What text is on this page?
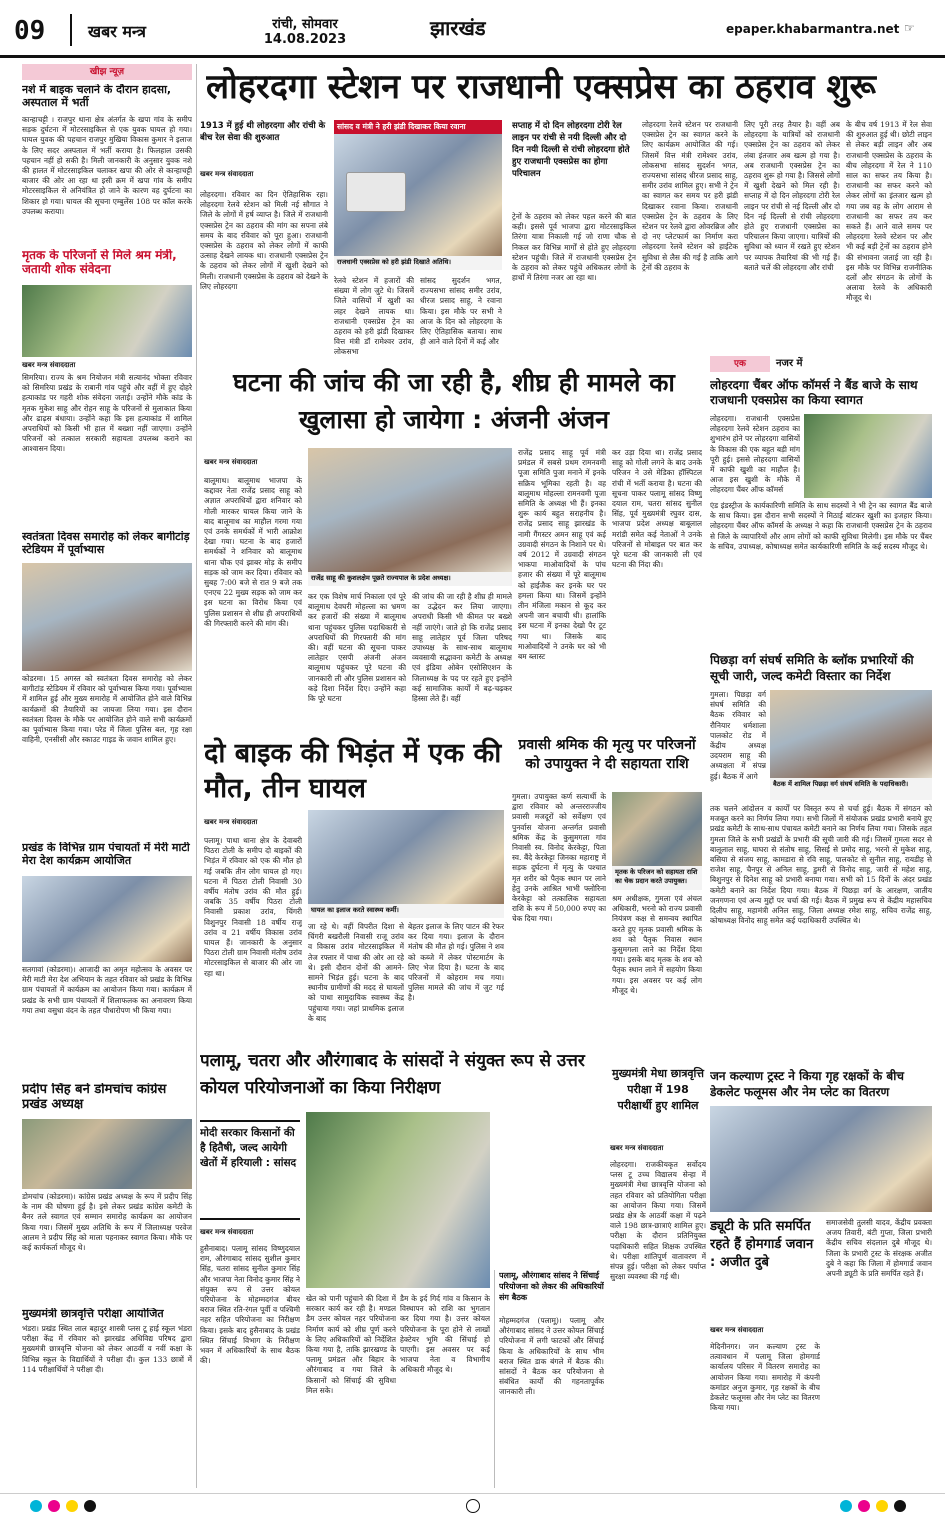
09	खबर मन्त्र	रांची, सोमवार
14.08.2023	झारखंड	epaper.khabarmantra.net ☞
खीझ न्यूज़
नशे में बाइक चलाने के दौरान हादसा, अस्पताल में भर्ती
कान्हाचट्टी । राजपुर थाना क्षेत्र अंतर्गत के खपा गांव के समीप सड़क दुर्घटना में मोटरसाइकिल से एक युवक घायल हो गया। घायल युवक की पहचान राजपुर मुखिया विकास कुमार ने इलाज के लिए सदर अस्पताल में भर्ती कराया है। फिलहाल उसकी पहचान नहीं हो सकी है। मिली जानकारी के अनुसार युवक नशे की हालत में मोटरसाइकिल चलाकर खपा की ओर से कान्हाचट्टी बाजार की ओर आ रहा था इसी क्रम में खपा गांव के समीप मोटरसाइकिल से अनियंत्रित हो जाने के कारण वह दुर्घटना का शिकार हो गया। घायल की सूचना एम्बुलेंस 108 पर कॉल करके उपलब्ध कराया।
मृतक के परिजनों से मिले श्रम मंत्री, जतायी शोक संवेदना
खबर मन्त्र संवाददाता
सिमरिया। राज्य के श्रम नियोजन मंत्री सत्यानंद भोक्ता रविवार को सिमरिया प्रखंड के राबानी गांव पहुंचे और वहीं में हुए दोहरे हत्याकांड पर गहरी शोक संवेदना जताई। उन्होंने मौके कांड के मृतक मुकेश साहू और रोहन साहू के परिजनों से मुलाकात किया और ढाढ़स बंधाया। उन्होंने कहा कि इस हत्याकांड में शामिल अपराधियों को किसी भी हाल में बख्शा नहीं जाएगा। उन्होंने परिजनों को तत्काल सरकारी सहायता उपलब्ध कराने का आश्वासन दिया।
स्वतंत्रता दिवस समारोह को लेकर बागीटांड़ स्टेडियम में पूर्वाभ्यास
कोडरमा। 15 अगस्त को स्वतंत्रता दिवस समारोह को लेकर बागीटांड़ स्टेडियम में रविवार को पूर्वाभ्यास किया गया। पूर्वाभ्यास में शामिल हुई और मुख्य समारोह में आयोजित होने वाले विभिन्न कार्यक्रमों की तैयारियों का जायजा लिया गया। इस दौरान स्वतंत्रता दिवस के मौके पर आयोजित होने वाले सभी कार्यक्रमों का पूर्वाभ्यास किया गया। परेड में जिला पुलिस बल, गृह रक्षा वाहिनी, एनसीसी और स्काउट गाइड के जवान शामिल हुए।
प्रखंड के विभिन्न ग्राम पंचायतों में मेरी माटी मेरा देश कार्यक्रम आयोजित
सतगावां (कोडरमा)। आजादी का अमृत महोत्सव के अवसर पर मेरी माटी मेरा देश अभियान के तहत रविवार को प्रखंड के विभिन्न ग्राम पंचायतों में कार्यक्रम का आयोजन किया गया। कार्यक्रम में प्रखंड के सभी ग्राम पंचायतों में शिलाफलक का अनावरण किया गया तथा वसुधा वंदन के तहत पौधारोपण भी किया गया।
प्रदीप सिंह बने डोमचांच कांग्रेस प्रखंड अध्यक्ष
डोमचांच (कोडरमा)। कांग्रेस प्रखंड अध्यक्ष के रूप में प्रदीप सिंह के नाम की घोषणा हुई है। इसे लेकर प्रखंड कांग्रेस कमेटी के बैनर तले स्वागत एवं सम्मान समारोह कार्यक्रम का आयोजन किया गया। जिसमें मुख्य अतिथि के रूप में जिलाध्यक्ष परवेज आलम ने प्रदीप सिंह को माला पहनाकर स्वागत किया। मौके पर कई कार्यकर्ता मौजूद थे।
मुख्यमंत्री छात्रवृत्ति परीक्षा आयोजित
भंडरा। प्रखंड स्थित लाल बहादुर शास्त्री प्लस टू हाई स्कूल भंडरा परीक्षा केंद्र में रविवार को झारखंड अधिविद्य परिषद द्वारा मुख्यमंत्री छात्रवृत्ति योजना को लेकर आठवीं व नवीं कक्षा के विभिन्न स्कूल के विद्यार्थियों ने परीक्षा दी। कुल 133 छात्रों में 114 परीक्षार्थियों ने परीक्षा दी।
लोहरदगा स्टेशन पर राजधानी एक्सप्रेस का ठहराव शुरू
1913 में हुई थी लोहरदगा और रांची के बीच रेल सेवा की शुरुआत
खबर मन्त्र संवाददाता
लोहरदगा। रविवार का दिन ऐतिहासिक रहा। लोहरदगा रेलवे स्टेशन को मिली नई सौगात ने जिले के लोगों में हर्ष व्याप्त है। जिले में राजधानी एक्सप्रेस ट्रेन का ठहराव की मांग का सपना लंबे समय के बाद रविवार को पूरा हुआ। राजधानी एक्सप्रेस के ठहराव को लेकर लोगों में काफी उत्साह देखने लायक था। राजधानी एक्सप्रेस ट्रेन के ठहराव को लेकर लोगों में खुशी देखने को मिली। राजधानी एक्सप्रेस के ठहराव को देखने के लिए लोहरदगा
सांसद व मंत्री ने हरी झंडी दिखाकर किया रवाना
राजधानी एक्सप्रेस को हरी झंडी दिखाते अतिथि।
रेलवे स्टेशन में हजारों की संख्या में लोग जुटे थे। जिसमें जिले वासियों में खुशी का लहर देखने लायक था। राजधानी एक्सप्रेस ट्रेन का ठहराव को हरी झंडी दिखाकर वित्त मंत्री डॉ रामेश्वर उरांव, लोकसभा
सांसद सुदर्शन भगत, राज्यसभा सांसद समीर उरांव, धीरज प्रसाद साहू, ने रवाना किया। इस मौके पर सभी ने आज के दिन को लोहरदगा के लिए ऐतिहासिक बताया। साथ ही आने वाले दिनों में कई और
सप्ताह में दो दिन लोहरदगा टोरी रेल लाइन पर रांची से नयी दिल्ली और दो दिन नयी दिल्ली से रांची लोहरदगा होते हुए राजधानी एक्सप्रेस का होगा परिचालन
ट्रेनों के ठहराव को लेकर पहल करने की बात कही। इससे पूर्व भाजपा द्वारा मोटरसाइकिल तिरंगा यात्रा निकाली गई जो राणा चौक से निकल कर विभिन्न मार्गों से होते हुए लोहरदगा स्टेशन पहुंची। जिले में राजधानी एक्सप्रेस ट्रेन के ठहराव को लेकर पहुंचे अधिकतर लोगों के हाथों में तिरंगा नजर आ रहा था।
लोहरदगा रेलवे स्टेशन पर राजधानी एक्सप्रेस ट्रेन का स्वागत करने के लिए कार्यक्रम आयोजित की गई। जिसमें वित्त मंत्री रामेश्वर उरांव, लोकसभा सांसद सुदर्शन भगत, राज्यसभा सांसद धीरज प्रसाद साहू, समीर उरांव शामिल हुए। सभी ने ट्रेन का स्वागत कर समय पर हरी झंडी दिखाकर रवाना किया। राजधानी एक्सप्रेस ट्रेन के ठहराव के लिए स्टेशन पर रेलवे द्वारा ओवरब्रिज और दो नए प्लेटफार्म का निर्माण करा लोहरदगा रेलवे स्टेशन को हाईटेक सुविधा से लैस की गई है ताकि आगे ट्रेनों की ठहराव के
लिए पूरी तरह तैयार है। वहीं अब लोहरदगा के यात्रियों को राजधानी एक्सप्रेस ट्रेन का ठहराव को लेकर लंबा इंतजार अब खत्म हो गया है। अब राजधानी एक्सप्रेस ट्रेन का ठहराव शुरू हो गया है। जिससे लोगों में खुशी देखने को मिल रही है। सप्ताह में दो दिन लोहरदगा टोरी रेल लाइन पर रांची से नई दिल्ली और दो दिन नई दिल्ली से रांची लोहरदगा होते हुए राजधानी एक्सप्रेस का परिचालन किया जाएगा। यात्रियों की सुविधा को ध्यान में रखते हुए स्टेशन पर व्यापक तैयारियां की भी गई हैं। बताते चलें की लोहरदगा और रांची
के बीच वर्ष 1913 में रेल सेवा की शुरुआत हुई थी। छोटी लाइन से लेकर बड़ी लाइन और अब राजधानी एक्सप्रेस के ठहराव के बीच लोहरदगा में रेल ने 110 साल का सफर तय किया है। राजधानी का सफर करने को लेकर लोगों का इंतजार खत्म हो गया जब वह के लोग आराम से राजधानी का सफर तय कर सकते हैं। आने वाले समय पर लोहरदगा रेलवे स्टेशन पर और भी कई बड़ी ट्रेनों का ठहराव होने की संभावना जताई जा रही है। इस मौके पर विभिन्न राजनीतिक दलों और संगठन के लोगों के अलावा रेलवे के अधिकारी मौजूद थे।
घटना की जांच की जा रही है, शीघ्र ही मामले का खुलासा हो जायेगा : अंजनी अंजन
खबर मन्त्र संवाददाता
बालूमाथ। बालूमाथ भाजपा के कद्दावर नेता राजेंद्र प्रसाद साहू को अज्ञात अपराधियों द्वारा शनिवार को गोली मारकर घायल किया जाने के बाद बालूमाथ का माहौल गरमा गया एवं उनके समर्थकों में भारी आक्रोश देखा गया। घटना के बाद हजारों समर्थकों ने शनिवार को बालूमाथ थाना चौक एवं झाबर मोड़ के समीप सड़क को जाम कर दिया। रविवार को सुबह 7:00 बजे से रात 9 बजे तक एनएच 22 मुख्य सड़क को जाम कर इस घटना का विरोध किया एवं पुलिस प्रशासन से शीघ्र ही अपराधियों की गिरफ्तारी करने की मांग की।
राजेंद्र साहू की कुशलक्षेम पूछते राज्यपाल के प्रदेश अध्यक्ष।
कर एक विशेष मार्च निकाला एवं पूरे बालूमाथ देवघरी मोहल्ला का भ्रमण कर हजारों की संख्या में बालूमाथ थाना पहुंचकर पुलिस पदाधिकारी से अपराधियों की गिरफ्तारी की मांग की। वहीं घटना की सूचना पाकर लातेहार एसपी अंजनी अंजन बालूमाथ पहुंचकर पूरे घटना की जानकारी ली और पुलिस प्रशासन को कड़े दिशा निर्देश दिए। उन्होंने कहा कि पूरे घटना
की जांच की जा रही है शीघ्र ही मामले का उद्भेदन कर लिया जाएगा। अपराधी किसी भी कीमत पर बख्शे नहीं जाएंगे। जाते हो कि राजेंद्र प्रसाद साहू लातेहार पूर्व जिला परिषद उपाध्यक्ष के साथ-साथ बालूमाथ व्यवसायी सद्भावना कमेटी के अध्यक्ष एवं इंडिया ओबेन एसोसिएशन के जिलाध्यक्ष के पद पर रहते हुए इन्होंने कई सामाजिक कार्यों में बढ़-चढ़कर हिस्सा लेते हैं। वहीं
राजेंद्र प्रसाद साहू पूर्व मंत्री प्रमंडल में सबसे प्रथम रामनवमी पूजा समिति पुजा मनाने में इनके सक्रिय भूमिका रहती है। वह बालूमाथ मोहल्ला रामनवमी पूजा समिति के अध्यक्ष भी हैं। इनका शुरू कार्य बहुत सराहनीय है। राजेंद्र प्रसाद साहू झारखंड के नामी गैंगस्टर अमन साहू एवं कई उग्रवादी संगठन के निशाने पर थे। वर्ष 2012 में उग्रवादी संगठन भाकपा माओवादियों के पांच हजार की संख्या में पूरे बालूमाथ को हाईजैक कर इनके घर पर हमला किया था। जिसमें इन्होंने तीन मंजिला मकान से कूद कर अपनी जान बचायी थी। हालांकि इस घटना में इनका देखो पैर टूट गया था। जिसके बाद माओवादियों ने उनके घर को भी बम ब्लास्ट
कर उड़ा दिया था। राजेंद्र प्रसाद साहू को गोली लगने के बाद उनके परिजन ने उसे मेडिका हॉस्पिटल रांची में भर्ती कराया है। घटना की सूचना पाकर पलामू सांसद विष्णु दयाल राम, चतरा सांसद सुनील सिंह, पूर्व मुख्यमंत्री रघुवर दास, भाजपा प्रदेश अध्यक्ष बाबूलाल मरांडी समेत कई नेताओं ने उनके परिजनों से मोबाइल पर बात कर पूरे घटना की जानकारी ली एवं घटना की निंदा की।
एक	नजर में
लोहरदगा चैंबर ऑफ कॉमर्स ने बैंड बाजे के साथ राजधानी एक्सप्रेस का किया स्वागत
लोहरदगा। राजधानी एक्सप्रेस लोहरदगा रेलवे स्टेशन ठहराव का शुभारंभ होने पर लोहरदगा वासियों के विकास की एक बहुत बड़ी मांग पूरी हुई। इससे लोहरदगा वासियों में काफी खुशी का माहौल है। आज इस खुशी के मौके में लोहरदगा चैंबर ऑफ कॉमर्स
एंड इंडस्ट्रीज के कार्यकारिणी समिति के साथ सदस्यों ने भी ट्रेन का स्वागत बैंड बाजे के साथ किया। इस दौरान सभी सदस्यों ने मिठाई बांटकर खुशी का इजहार किया। लोहरदगा चैंबर ऑफ कॉमर्स के अध्यक्ष ने कहा कि राजधानी एक्सप्रेस ट्रेन के ठहराव से जिले के व्यापारियों और आम लोगों को काफी सुविधा मिलेगी। इस मौके पर चैंबर के सचिव, उपाध्यक्ष, कोषाध्यक्ष समेत कार्यकारिणी समिति के कई सदस्य मौजूद थे।
दो बाइक की भिड़ंत में एक की मौत, तीन घायल
खबर मन्त्र संवाददाता
पलामू। पाथा थाना क्षेत्र के देवाबरी पिठरा टोली के समीप दो बाइकों की भिड़ंत में रविवार को एक की मौत हो गई जबकि तीन लोग घायल हो गए। घटना में पिठरा टोली निवासी 30 वर्षीय मंतोष उरांव की मौत हुई। जबकि 35 वर्षीय पिठरा टोली निवासी प्रकाश उरांव, चिंगरी विशुनपुर निवासी 18 वर्षीय राजू उरांव व 21 वर्षीय विकास उरांव घायल हैं। जानकारी के अनुसार पिठरा टोली ग्राम निवासी मंतोष उरांव मोटरसाइकिल से बाजार की ओर जा रहा था।
घायल का इलाज करते स्वास्थ्य कर्मी।
जा रहे थे। वहीं विपरीत दिशा से चिंगरी बखरौली निवासी राजू उरांव व विकास उरांव मोटरसाइकिल में तेज रफ्तार में पाथा की ओर आ रहे थे। इसी दौरान दोनों की आमने-सामने भिड़ंत हुई। घटना के बाद स्थानीय ग्रामीणों की मदद से घायलों को पाथा सामुदायिक स्वास्थ्य केंद्र पहुंचाया गया। जहां प्राथमिक इलाज के बाद
बेहतर इलाज के लिए पाटन की रेफर कर दिया गया। इलाज के दौरान मंतोष की मौत हो गई। पुलिस ने शव को कब्जे में लेकर पोस्टमार्टम के लिए भेज दिया है। घटना के बाद परिजनों में कोहराम मच गया। पुलिस मामले की जांच में जुट गई है।
प्रवासी श्रमिक की मृत्यु पर परिजनों को उपायुक्त ने दी सहायता राशि
गुमला। उपायुक्त कर्ण सत्यार्थी के द्वारा रविवार को अन्तरराज्जीय प्रवासी मजदूरों को सर्वेक्षण एवं पुनर्वास योजना अन्तर्गत प्रवासी श्रमिक केंद्र के कुसुमगला गांव निवासी स्व. विनोद केरकेट्टा, पिता स्व. बैंदे केरकेट्टा जिनका महाराष्ट्र में सड़क दुर्घटना में मृत्यु के पश्चात मृत शरीर को पैतृक स्थान पर लाने हेतु उनके आश्रित भाभी फ्लोरिना केरकेट्टा को तत्कालिक सहायता राशि के रूप में 50,000 रुपए का चेक दिया गया।
मृतक के परिजन को सहायता राशि का चेक प्रदान करते उपायुक्त।
श्रम अधीक्षक, गुमला एवं अंचल अधिकारी, भरनो को राज्य प्रवासी नियंत्रण कक्ष से समन्वय स्थापित करते हुए मृतक प्रवासी श्रमिक के शव को पैतृक निवास स्थान कुसुमगला लाने का निर्देश दिया गया। इसके बाद मृतक के शव को पैतृक स्थान लाने में सहयोग किया गया। इस अवसर पर कई लोग मौजूद थे।
पिछड़ा वर्ग संघर्ष समिति के ब्लॉक प्रभारियों की सूची जारी, जल्द कमेटी विस्तार का निर्देश
गुमला। पिछड़ा वर्ग संघर्ष समिति की बैठक रविवार को रौनियार धर्मशाला पालकोट रोड में केंद्रीय अध्यक्ष उदयराम साहू की अध्यक्षता में संपन्न हुई। बैठक में आगे
बैठक में शामिल पिछड़ा वर्ग संघर्ष समिति के पदाधिकारी।
तक चलने आंदोलन व कार्यों पर विस्तृत रूप से चर्चा हुई। बैठक में संगठन को मजबूत करने का निर्णय लिया गया। सभी जिलों में संयोजक प्रखंड प्रभारी बनाये हुए प्रखंड कमेटी के साथ-साथ पंचायत कमेटी बनाने का निर्णय लिया गया। जिसके तहत गुमला जिले के सभी प्रखंडों के प्रभारी की सूची जारी की गई। जिसमें गुमला सदर से बालूलाल साहू, घाघरा से संतोष साहू, सिसई से प्रमोद साहू, भरनो से मुकेश साहू, बसिया से संजय साहू, कामडारा से रवि साहू, पालकोट से सुनील साहू, रायडीह से राजेश साहू, चैनपुर से अनिल साहू, डुमरी से विनोद साहू, जारी से महेश साहू, बिशुनपुर से दिनेश साहू को प्रभारी बनाया गया। सभी को 15 दिनों के अंदर प्रखंड कमेटी बनाने का निर्देश दिया गया। बैठक में पिछड़ा वर्ग के आरक्षण, जातीय जनगणना एवं अन्य मुद्दों पर चर्चा की गई। बैठक में प्रमुख रूप से केंद्रीय महासचिव दिलीप साहू, महामंत्री अनिल साहू, जिला अध्यक्ष रमेश साहू, सचिव राजेंद्र साहू, कोषाध्यक्ष विनोद साहू समेत कई पदाधिकारी उपस्थित थे।
पलामू, चतरा और औरंगाबाद के सांसदों ने संयुक्त रूप से उत्तर कोयल परियोजनाओं का किया निरीक्षण
मोदी सरकार किसानों की है हितैषी, जल्द आयेगी खेतों में हरियाली : सांसद
खबर मन्त्र संवाददाता
हुसैनाबाद। पलामू सांसद विष्णुदयाल राम, औरंगाबाद सांसद सुशील कुमार सिंह, चतरा सांसद सुनील कुमार सिंह और भाजपा नेता विनोद कुमार सिंह ने संयुक्त रूप से उत्तर कोयल परियोजना के मोहम्मदगंज बीयर बराज स्थित रति-रंगल पूर्वी व पश्चिमी नहर सहित परियोजना का निरीक्षण किया। इसके बाद हुसैनाबाद के प्रखंड स्थित सिंचाई विभाग के निरीक्षण भवन में अधिकारियों के साथ बैठक की।
खेत को पानी पहुंचाने की दिशा में सरकार कार्य कर रही है। मण्डल डैम उत्तर कोयल नहर परियोजना निर्माण कार्य को शीघ्र पूर्ण करने के लिए अधिकारियों को निर्देशित किया गया है, ताकि झारखण्ड के पलामू प्रमंडल और बिहार के औरंगाबाद व गया जिले के किसानों को सिंचाई की सुविधा मिल सके।
डैम के इर्द गिर्द गांव व किसान के विस्थापन को राशि का भुगतान कर दिया गया है। उत्तर कोयल परियोजना के पूरा होने से लाखों हेक्टेयर भूमि की सिंचाई हो पाएगी। इस अवसर पर कई भाजपा नेता व विभागीय अधिकारी मौजूद थे।
पलामू, औरंगाबाद सांसद ने सिंचाई परियोजना को लेकर की अधिकारियों संग बैठक
मोहम्मदगंज (पलामू)। पलामू और औरंगाबाद सांसद ने उत्तर कोयल सिंचाई परियोजना में लगी फाटकों और सिंचाई किया के अधिकारियों के साथ भीम बराज स्थित डाक बंगले में बैठक की। सांसदों ने बैठक कर परियोजना से संबंधित कार्यों की गहनतापूर्वक जानकारी ली।
मुख्यमंत्री मेधा छात्रवृत्ति परीक्षा में 198 परीक्षार्थी हुए शामिल
खबर मन्त्र संवाददाता
लोहरदगा। राजकीयकृत सर्वोदय प्लस टू उच्च विद्यालय सेन्हा में मुख्यमंत्री मेधा छात्रवृत्ति योजना को तहत रविवार को प्रतियोगिता परीक्षा का आयोजन किया गया। जिसमें प्रखंड क्षेत्र के आठवीं कक्षा में पढ़ने वाले 198 छात्र-छात्राएं शामिल हुए। परीक्षा के दौरान प्रतिनियुक्त पदाधिकारी सहित शिक्षक उपस्थित थे। परीक्षा शांतिपूर्ण वातावरण में संपन्न हुई। परीक्षा को लेकर पर्याप्त सुरक्षा व्यवस्था की गई थी।
जन कल्याण ट्रस्ट ने किया गृह रक्षकों के बीच डेकलेट फलूमस और नेम प्लेट का वितरण
ड्यूटी के प्रति समर्पित रहते हैं होमगार्ड जवान : अजीत दुबे
खबर मन्त्र संवाददाता
मेदिनीनगर। जन कल्याण ट्रस्ट के तत्वावधान में पलामू जिला होमगार्ड कार्यालय परिसर में वितरण समारोह का आयोजन किया गया। समारोह में कंपनी कमांडर अनुज कुमार, गृह रक्षकों के बीच डेकलेट फलूमस और नेम प्लेट का वितरण किया गया।
समाजसेवी तुलसी यादव, केंद्रीय प्रवक्ता अजय तिवारी, बंटी गुप्ता, जिला प्रभारी केंद्रीय सचिव संदलाल दुबे मौजूद थे। जिला के प्रभारी ट्रस्ट के संरक्षक अजीत दुबे ने कहा कि जिला में होमगार्ड जवान अपनी ड्यूटी के प्रति समर्पित रहते हैं।
